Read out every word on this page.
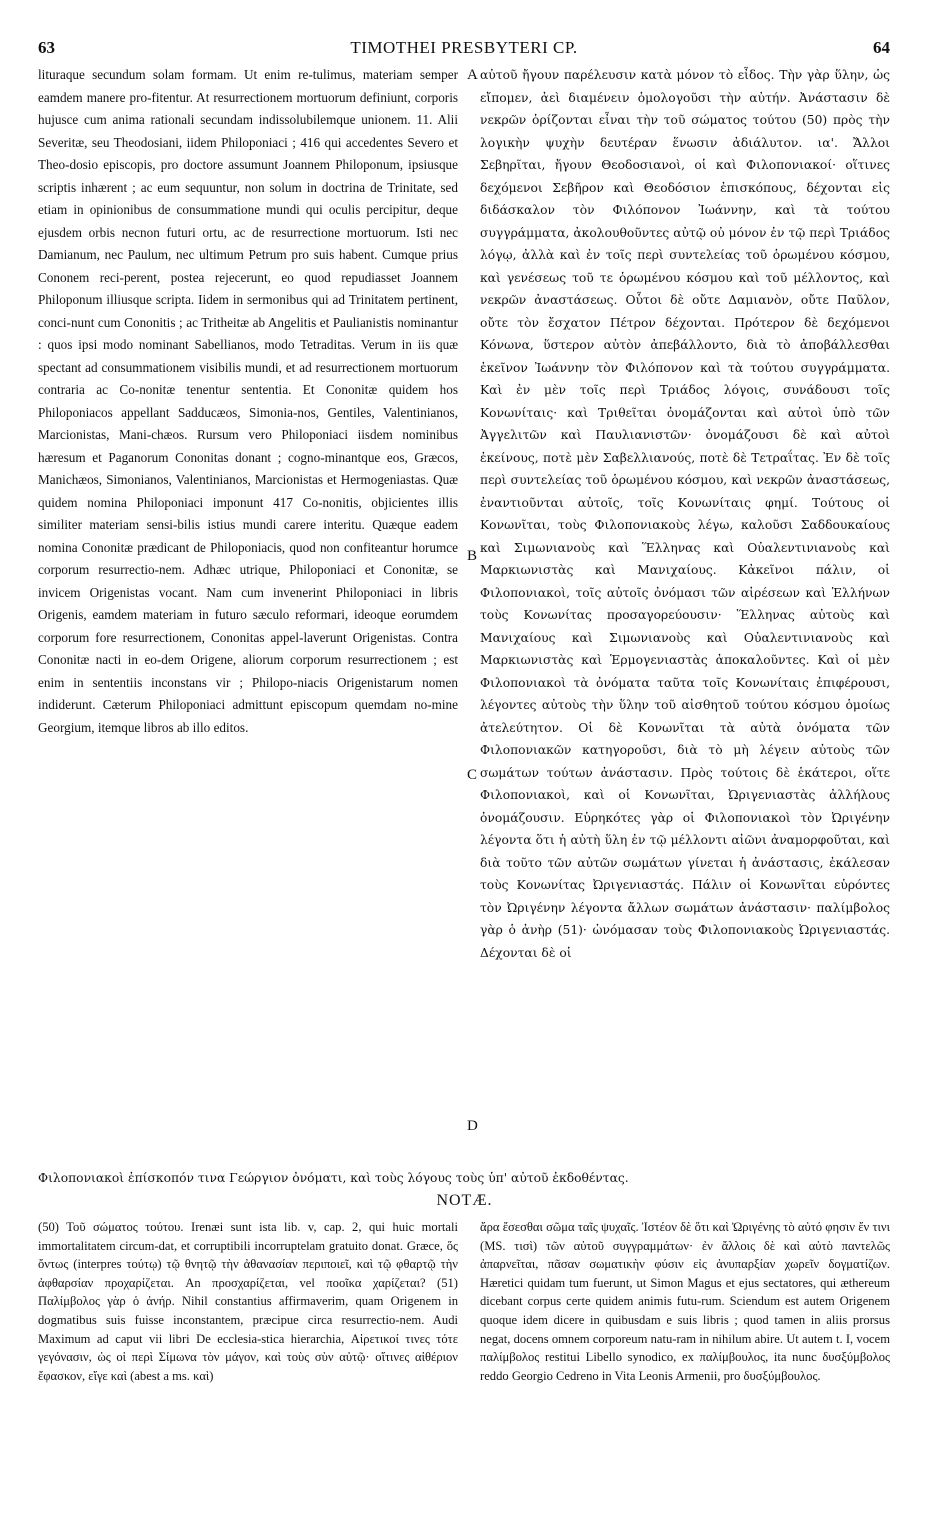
63	TIMOTHEI PRESBYTERI CP.	64

lituraque secundum solam formam. Ut enim re-tulimus, materiam semper eamdem manere pro-fitentur. At resurrectionem mortuorum definiunt, corporis hujusce cum anima rationali secundam indissolubilemque unionem. 11. Alii Severitæ, seu Theodosiani, iidem Philoponiaci ; 416 qui accedentes Severo et Theo-dosio episcopis, pro doctore assumunt Joannem Philoponum, ipsiusque scriptis inhærent ; ac eum sequuntur, non solum in doctrina de Trinitate, sed etiam in opinionibus de consummatione mundi qui oculis percipitur, deque ejusdem orbis necnon futuri ortu, ac de resurrectione mortuorum. Isti nec Damianum, nec Paulum, nec ultimum Petrum pro suis habent. Cumque prius Cononem reci-perent, postea rejecerunt, eo quod repudiasset Joannem Philoponum illiusque scripta. Iidem in sermonibus qui ad Trinitatem pertinent, conci-nunt cum Cononitis ; ac Tritheitæ ab Angelitis et Paulianistis nominantur : quos ipsi modo nominant Sabellianos, modo Tetraditas. Verum in iis quæ spectant ad consummationem visibilis mundi, et ad resurrectionem mortuorum contraria ac Co-nonitæ tenentur sententia. Et Cononitæ quidem hos Philoponiacos appellant Sadducæos, Simonia-nos, Gentiles, Valentinianos, Marcionistas, Mani-chæos. Rursum vero Philoponiaci iisdem nominibus hæresum et Paganorum Cononitas donant ; cogno-minantque eos, Græcos, Manichæos, Simonianos, Valentinianos, Marcionistas et Hermogeniastas. Quæ quidem nomina Philoponiaci imponunt 417 Co-nonitis, objicientes illis similiter materiam sensi-bilis istius mundi carere interitu. Quæque eadem nomina Cononitæ prædicant de Philoponiacis, quod non confiteantur horumce corporum resurrectio-nem. Adhæc utrique, Philoponiaci et Cononitæ, se invicem Origenistas vocant. Nam cum invenerint Philoponiaci in libris Origenis, eamdem materiam in futuro sæculo reformari, ideoque eorumdem corporum fore resurrectionem, Cononitas appel-laverunt Origenistas. Contra Cononitæ nacti in eo-dem Origene, aliorum corporum resurrectionem ; est enim in sententiis inconstans vir ; Philopo-niacis Origenistarum nomen indiderunt. Cæterum Philoponiaci admittunt episcopum quemdam no-mine Georgium, itemque libros ab illo editos.

αὐτοῦ ἤγουν παρέλευσιν κατὰ μόνον τὸ εἶδος. Τὴν γὰρ ὕλην, ὡς εἴπομεν, ἀεὶ διαμένειν ὁμολογοῦσι τὴν αὐτήν. Ἀνάστασιν δὲ νεκρῶν ὁρίζονται εἶναι τὴν τοῦ σώματος τούτου (50) πρὸς τὴν λογικὴν ψυχὴν δευτέραν ἕνωσιν ἀδιάλυτον. ια'. Ἄλλοι Σεβηρῖται, ἤγουν Θεοδοσιανοὶ, οἱ καὶ Φιλοπονιακοί· οἵτινες δεχόμενοι Σεβῆρον καὶ Θεοδόσιον ἐπισκόπους, δέχονται εἰς διδάσκαλον τὸν Φιλόπονον Ἰωάννην, καὶ τὰ τούτου συγγράμματα, ἀκολουθοῦντες αὐτῷ οὐ μόνον ἐν τῷ περὶ Τριάδος λόγῳ, ἀλλὰ καὶ ἐν τοῖς περὶ συντελείας τοῦ ὁρωμένου κόσμου, καὶ γενέσεως τοῦ τε ὁρωμένου κόσμου καὶ τοῦ μέλλοντος, καὶ νεκρῶν ἀναστάσεως. Οὗτοι δὲ οὔτε Δαμιανὸν, οὔτε Παῦλον, οὔτε τὸν ἔσχατον Πέτρον δέχονται. Πρότερον δὲ δεχόμενοι Κόνωνα, ὕστερον αὐτὸν ἀπεβάλλοντο, διὰ τὸ ἀποβάλλεσθαι ἐκεῖνον Ἰωάννην τὸν Φιλόπονον καὶ τὰ τούτου συγγράμματα. Καὶ ἐν μὲν τοῖς περὶ Τριάδος λόγοις, συνάδουσι τοῖς Κονωνίταις· καὶ Τριθεῖται ὀνομάζονται καὶ αὐτοὶ ὑπὸ τῶν Ἀγγελιτῶν καὶ Παυλιανιστῶν· ὀνομάζουσι δὲ καὶ αὐτοὶ ἐκείνους, ποτὲ μὲν Σαβελλιανούς, ποτὲ δὲ Τετραΐτας. Ἐν δὲ τοῖς περὶ συντελείας τοῦ ὁρωμένου κόσμου, καὶ νεκρῶν ἀναστάσεως, ἐναντιοῦνται αὐτοῖς, τοῖς Κονωνίταις φημί. Τούτους οἱ Κονωνῖται, τοὺς Φιλοπονιακοὺς λέγω, καλοῦσι Σαδδουκαίους καὶ Σιμωνιανοὺς καὶ Ἕλληνας καὶ Οὐαλεντινιανοὺς καὶ Μαρκιωνιστὰς καὶ Μανιχαίους. Κἀκεῖνοι πάλιν, οἱ Φιλοπονιακοὶ, τοῖς αὐτοῖς ὀνόμασι τῶν αἱρέσεων καὶ Ἑλλήνων τοὺς Κονωνίτας προσαγορεύουσιν· Ἕλληνας αὐτοὺς καὶ Μανιχαίους καὶ Σιμωνιανοὺς καὶ Οὐαλεντινιανοὺς καὶ Μαρκιωνιστὰς καὶ Ἑρμογενιαστὰς ἀποκαλοῦντες. Καὶ οἱ μὲν Φιλοπονιακοὶ τὰ ὀνόματα ταῦτα τοῖς Κονωνίταις ἐπιφέρουσι, λέγοντες αὐτοὺς τὴν ὕλην τοῦ αἰσθητοῦ τούτου κόσμου ὁμοίως ἀτελεύτητον. Οἱ δὲ Κονωνῖται τὰ αὐτὰ ὀνόματα τῶν Φιλοπονιακῶν κατηγοροῦσι, διὰ τὸ μὴ λέγειν αὐτοὺς τῶν σωμάτων τούτων ἀνάστασιν. Πρὸς τούτοις δὲ ἑκάτεροι, οἵτε Φιλοπονιακοὶ, καὶ οἱ Κονωνῖται, Ὠριγενιαστὰς ἀλλήλους ὀνομάζουσιν. Εὑρηκότες γὰρ οἱ Φιλοπονιακοὶ τὸν Ὠριγένην λέγοντα ὅτι ἡ αὐτὴ ὕλη ἐν τῷ μέλλοντι αἰῶνι ἀναμορφοῦται, καὶ διὰ τοῦτο τῶν αὐτῶν σωμάτων γίνεται ἡ ἀνάστασις, ἐκάλεσαν τοὺς Κονωνίτας Ὠριγενιαστάς. Πάλιν οἱ Κονωνῖται εὑρόντες τὸν Ὠριγένην λέγοντα ἄλλων σωμάτων ἀνάστασιν· παλίμβολος γὰρ ὁ ἀνὴρ (51)· ὠνόμασαν τοὺς Φιλοπονιακοὺς Ὠριγενιαστάς. Δέχονται δὲ οἱ

A
B
C
D
Φιλοπονιακοὶ ἐπίσκοπόν τινα Γεώργιον ὀνόματι, καὶ τοὺς λόγους τοὺς ὑπ' αὐτοῦ ἐκδοθέντας.
NOTÆ.

(50) Τοῦ σώματος τούτου. Irenæi sunt ista lib. v, cap. 2, qui huic mortali immortalitatem circum-dat, et corruptibili incorruptelam gratuito donat. Græce, ὅς ὄντως (interpres τούτῳ) τῷ θνητῷ τὴν ἀθανασίαν περιποιεῖ, καὶ τῷ φθαρτῷ τὴν ἀφθαρσίαν προχαρίζεται. An προσχαρίζεται, vel ποοῖκα χαρίζεται? (51) Παλίμβολος γὰρ ὁ ἀνήρ. Nihil constantius affirmaverim, quam Origenem in dogmatibus suis fuisse inconstantem, præcipue circa resurrectio-nem. Audi Maximum ad caput vii libri De ecclesia-stica hierarchia, Αἱρετικοί τινες τότε γεγόνασιν, ὡς οἱ περὶ Σίμωνα τὸν μάγον, καὶ τοὺς σὺν αὐτῷ· οἵτινες αἰθέριον ἔφασκον, εἴγε καὶ (abest a ms. καὶ)

ἄρα ἔσεσθαι σῶμα ταῖς ψυχαῖς. Ἰστέον δὲ ὅτι καὶ Ὠριγένης τὸ αὐτό φησιν ἔν τινι (MS. τισὶ) τῶν αὐτοῦ συγγραμμάτων· ἐν ἄλλοις δὲ καὶ αὐτὸ παντελῶς ἀπαρνεῖται, πᾶσαν σωματικὴν φύσιν εἰς ἀνυπαρξίαν χωρεῖν δογματίζων. Hæretici quidam tum fuerunt, ut Simon Magus et ejus sectatores, qui æthereum dicebant corpus certe quidem animis futu-rum. Sciendum est autem Origenem quoque idem dicere in quibusdam e suis libris ; quod tamen in aliis prorsus negat, docens omnem corporeum natu-ram in nihilum abire. Ut autem t. I, vocem παλίμβολος restitui Libello synodico, ex παλίμβουλος, ita nunc δυσξύμβολος reddo Georgio Cedreno in Vita Leonis Armenii, pro δυσξύμβουλος.
